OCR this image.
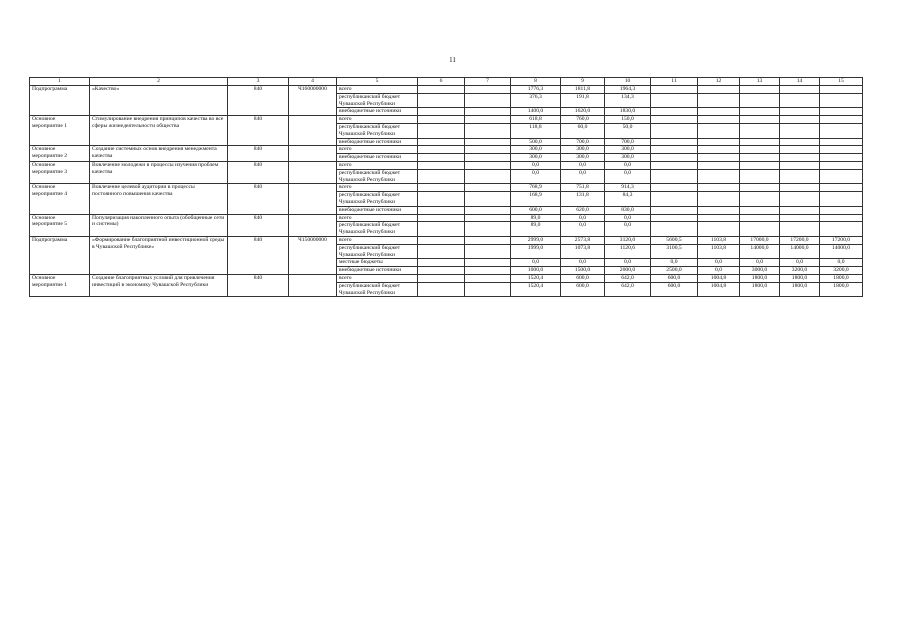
11
1	2	3	4	5	6	7	8	9	10	11	12	13	14	15
Подпрограмма	«Качество»	840	Ч160000000	всего			1776,3	1811,8	1964,3					
				республиканский бюджет Чувашской Республики			376,3	191,8	134,3					
				внебюджетные источники			1400,0	1620,0	1830,0					
Основное мероприятие 1	Стимулирование внедрения принципов качества во все сферы жизнедеятельности общества	840		всего			618,8	760,0	150,0					
				республиканский бюджет Чувашской Республики			118,8	60,0	50,0					
				внебюджетные источники			500,0	700,0	700,0					
Основное мероприятие 2	Создание системных основ внедрения менеджмента качества	840		всего			300,0	300,0	300,0					
				внебюджетные источники			300,0	300,0	300,0					
Основное мероприятие 3	Вовлечение молодежи в процессы изучения проблем качества	840		всего			0,0	0,0	0,0					
				республиканский бюджет Чувашской Республики			0,0	0,0	0,0					
Основное мероприятие 4	Вовлечение целевой аудитории в процессы постоянного повышения качества	840		всего			768,9	751,8	914,3					
				республиканский бюджет Чувашской Республики			168,9	131,8	84,3					
				внебюджетные источники			600,0	620,0	830,0					
Основное мероприятие 5	Популяризация накопленного опыта (обобщенные сети и системы)	840		всего			89,0	0,0	0,0					
				республиканский бюджет Чувашской Республики			89,0	0,0	0,0					
Подпрограмма	«Формирование благоприятной инвестиционной среды в Чувашской Республике»	840	Ч150000000	всего			2999,0	2573,8	3120,0	5600,5	1103,8	17000,0	17200,0	17200,0
				республиканский бюджет Чувашской Республики			1999,0	1073,8	1120,6	3100,5	1103,8	14000,0	14000,0	14000,0
				местные бюджеты			0,0	0,0	0,0	0,0	0,0	0,0	0,0	0,0
				внебюджетные источники			1000,0	1500,0	2000,0	2500,0	0,0	3000,0	3200,0	3200,0
Основное мероприятие 1	Создание благоприятных условий для привлечения инвестиций в экономику Чувашской Республики	840		всего			1520,4	600,0	642,0	600,0	1004,8	1800,0	1800,0	1800,0
				республиканский бюджет Чувашской Республики			1520,4	600,0	642,0	600,0	1004,8	1800,0	1800,0	1800,0
